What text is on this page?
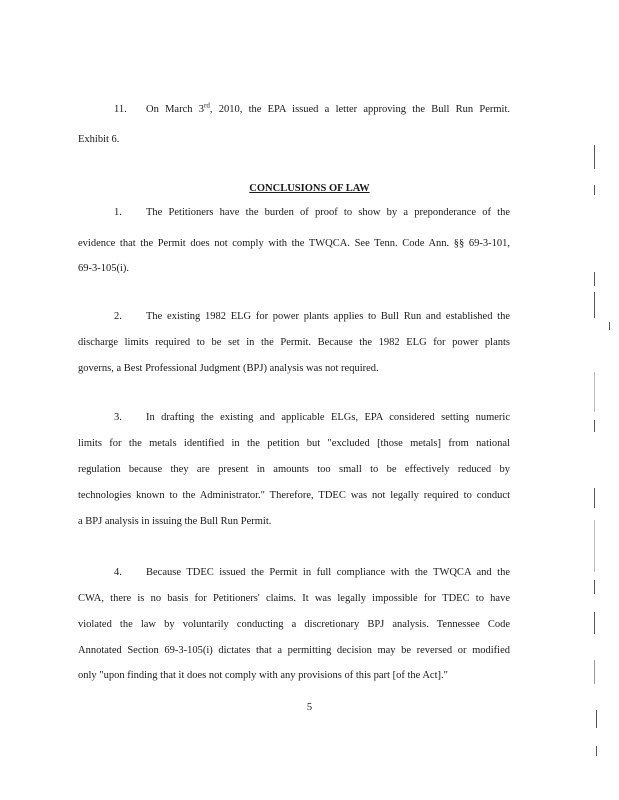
11. On March 3rd, 2010, the EPA issued a letter approving the Bull Run Permit.
Exhibit 6.
CONCLUSIONS OF LAW
1. The Petitioners have the burden of proof to show by a preponderance of the
evidence that the Permit does not comply with the TWQCA. See Tenn. Code Ann. §§ 69-3-101,
69-3-105(i).
2. The existing 1982 ELG for power plants applies to Bull Run and established the
discharge limits required to be set in the Permit. Because the 1982 ELG for power plants
governs, a Best Professional Judgment (BPJ) analysis was not required.
3. In drafting the existing and applicable ELGs, EPA considered setting numeric
limits for the metals identified in the petition but "excluded [those metals] from national
regulation because they are present in amounts too small to be effectively reduced by
technologies known to the Administrator." Therefore, TDEC was not legally required to conduct
a BPJ analysis in issuing the Bull Run Permit.
4. Because TDEC issued the Permit in full compliance with the TWQCA and the
CWA, there is no basis for Petitioners' claims. It was legally impossible for TDEC to have
violated the law by voluntarily conducting a discretionary BPJ analysis. Tennessee Code
Annotated Section 69-3-105(i) dictates that a permitting decision may be reversed or modified
only "upon finding that it does not comply with any provisions of this part [of the Act]."
5
